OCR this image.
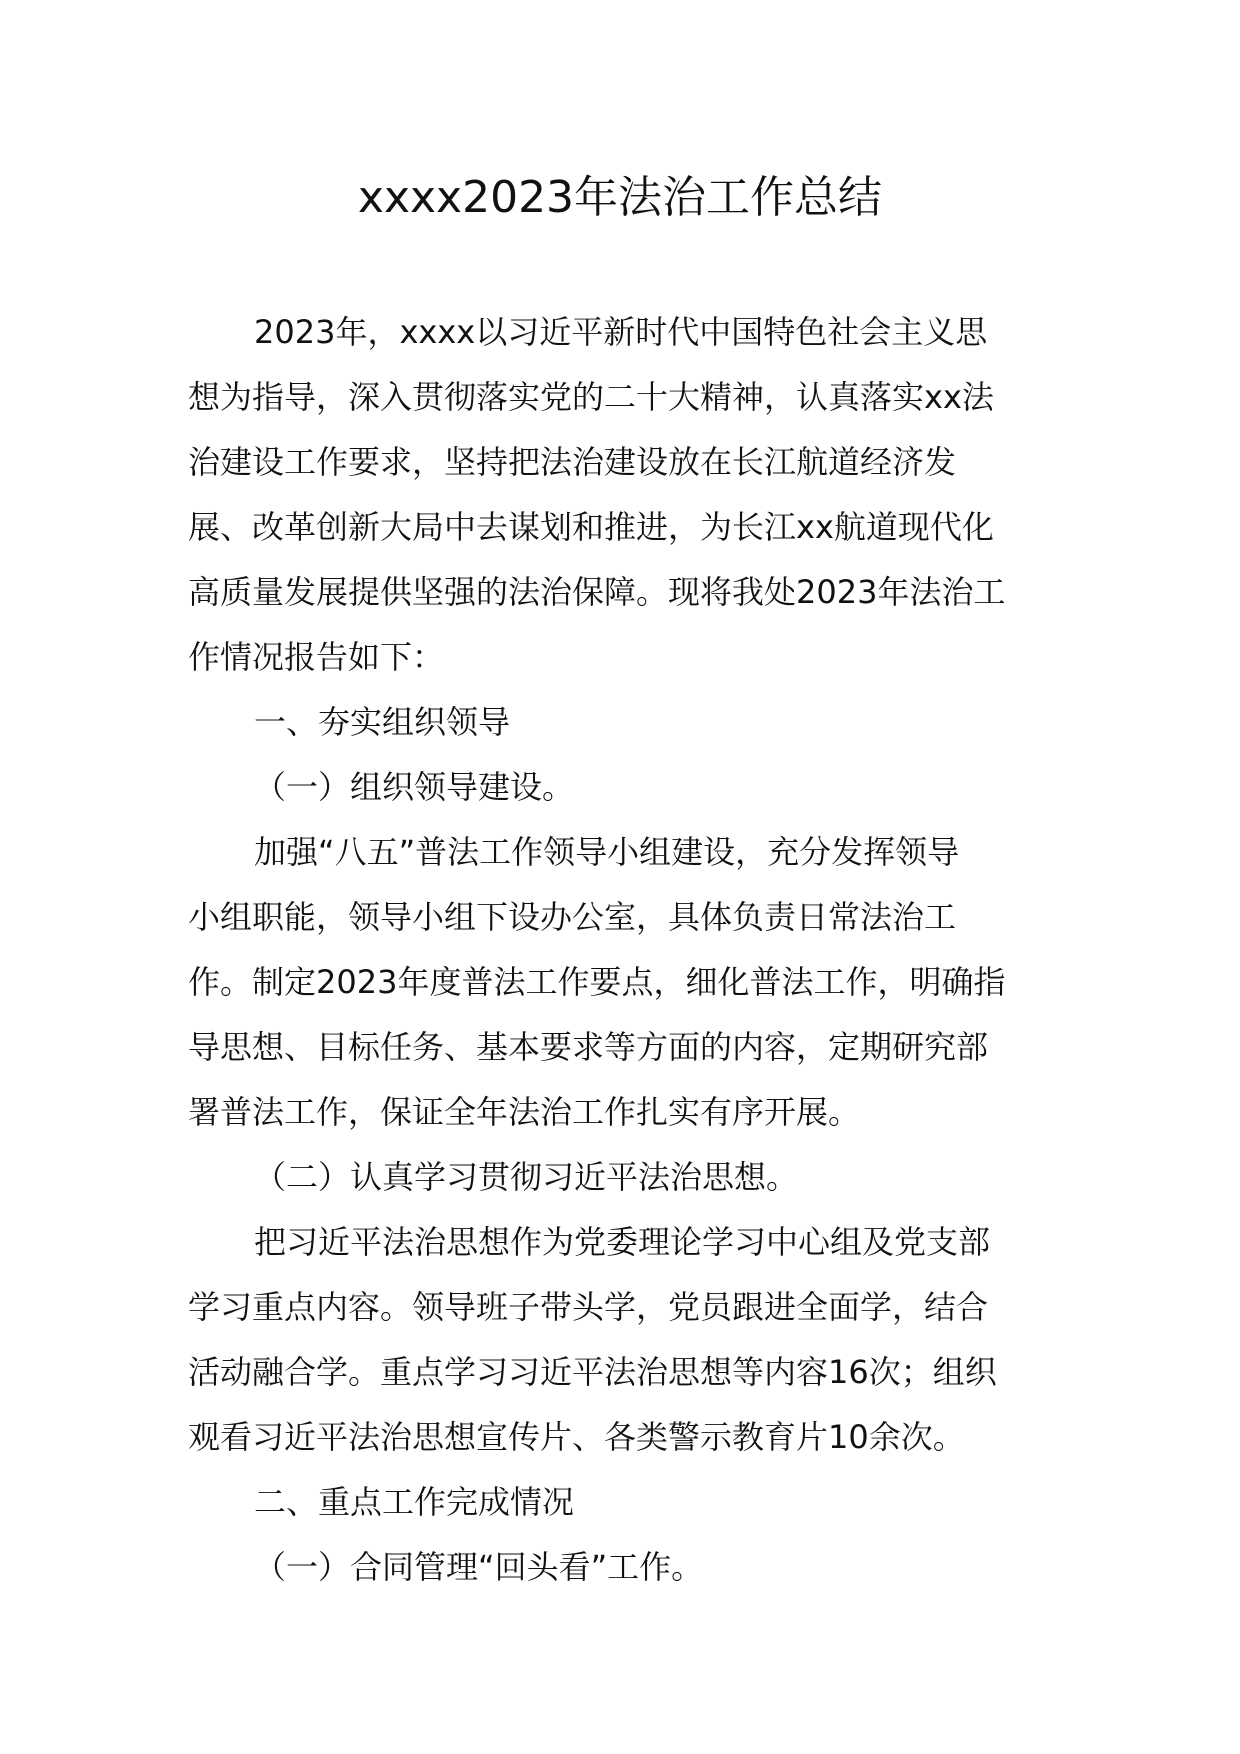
xxxx2023年法治工作总结
2023年，xxxx以习近平新时代中国特色社会主义思
想为指导，深入贯彻落实党的二十大精神，认真落实xx法
治建设工作要求，坚持把法治建设放在长江航道经济发
展、改革创新大局中去谋划和推进，为长江xx航道现代化
高质量发展提供坚强的法治保障。现将我处2023年法治工
作情况报告如下：
一、夯实组织领导
（一）组织领导建设。
加强“八五”普法工作领导小组建设，充分发挥领导
小组职能，领导小组下设办公室，具体负责日常法治工
作。制定2023年度普法工作要点，细化普法工作，明确指
导思想、目标任务、基本要求等方面的内容，定期研究部
署普法工作，保证全年法治工作扎实有序开展。
（二）认真学习贯彻习近平法治思想。
把习近平法治思想作为党委理论学习中心组及党支部
学习重点内容。领导班子带头学，党员跟进全面学，结合
活动融合学。重点学习习近平法治思想等内容16次；组织
观看习近平法治思想宣传片、各类警示教育片10余次。
二、重点工作完成情况
（一）合同管理“回头看”工作。
